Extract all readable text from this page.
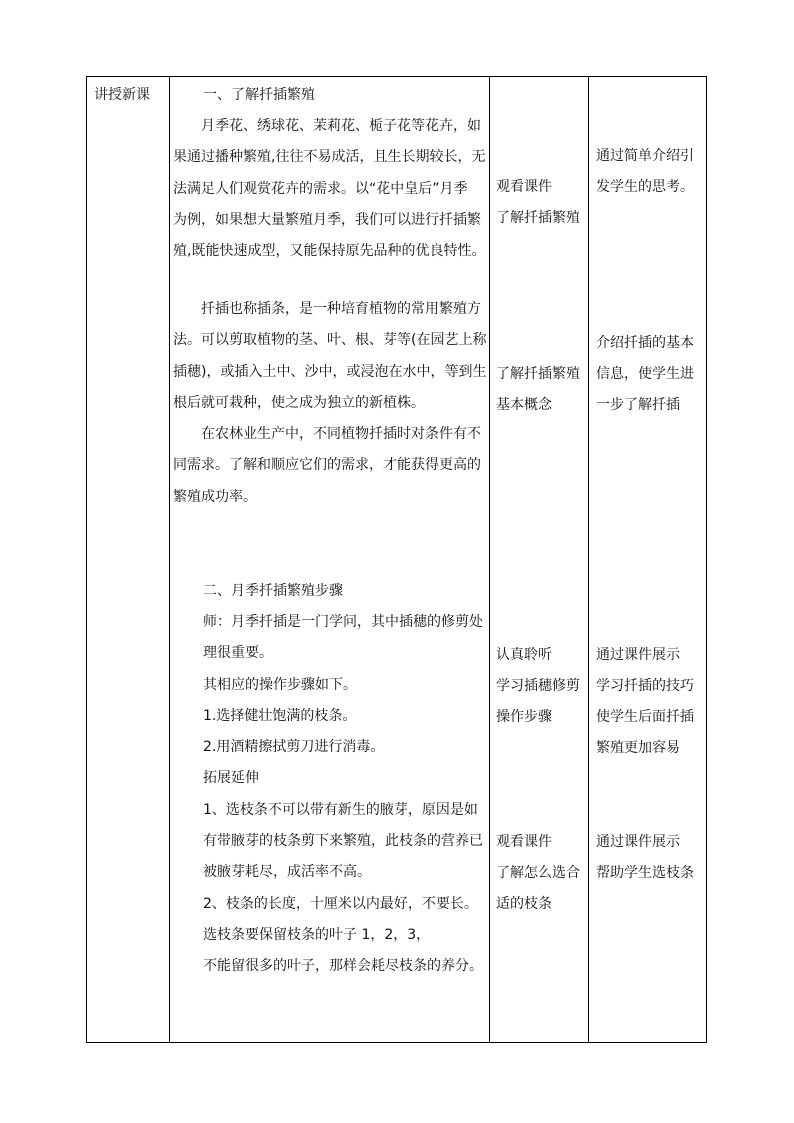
讲授新课	一、了解扦插繁殖
　　月季花、绣球花、茉莉花、栀子花等花卉，如
果通过播种繁殖,往往不易成活，且生长期较长，无
法满足人们观赏花卉的需求。以“花中皇后”月季
为例，如果想大量繁殖月季，我们可以进行扦插繁
殖,既能快速成型，又能保持原先品种的优良特性。
　　扦插也称插条，是一种培育植物的常用繁殖方
法。可以剪取植物的茎、叶、根、芽等(在园艺上称
插穗)，或插入土中、沙中，或浸泡在水中，等到生
根后就可栽种，使之成为独立的新植株。
　　在农林业生产中，不同植物扦插时对条件有不
同需求。了解和顺应它们的需求，才能获得更高的
繁殖成功率。
二、月季扦插繁殖步骤
师：月季扦插是一门学问，其中插穗的修剪处
理很重要。
其相应的操作步骤如下。
1.选择健壮饱满的枝条。
2.用酒精擦拭剪刀进行消毒。
拓展延伸
1、选枝条不可以带有新生的腋芽，原因是如
有带腋芽的枝条剪下来繁殖，此枝条的营养已
被腋芽耗尽，成活率不高。
2、枝条的长度，十厘米以内最好，不要长。
选枝条要保留枝条的叶子 1，2，3，
不能留很多的叶子，那样会耗尽枝条的养分。
观看课件
了解扦插繁殖
了解扦插繁殖
基本概念
认真聆听
学习插穗修剪
操作步骤
观看课件
了解怎么选合
适的枝条
通过简单介绍引
发学生的思考。
介绍扦插的基本
信息，使学生进
一步了解扦插
通过课件展示
学习扦插的技巧
使学生后面扦插
繁殖更加容易
通过课件展示
帮助学生选枝条
